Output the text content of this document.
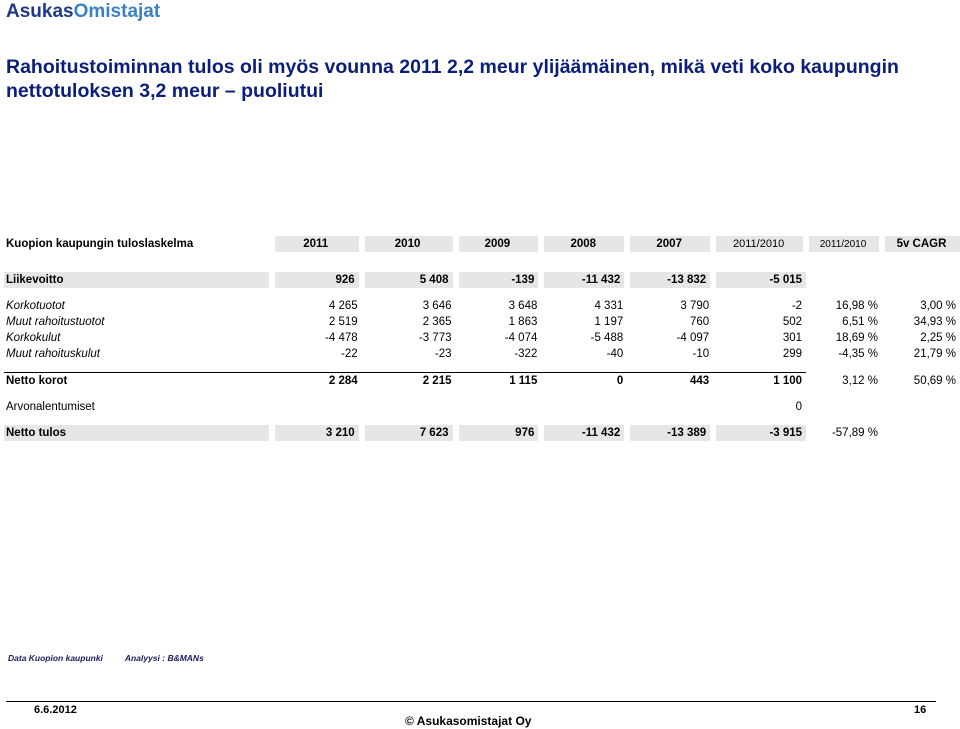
AsukasOmistajat
Rahoitustoiminnan tulos oli myös vounna 2011 2,2 meur ylijäämäinen, mikä veti koko kaupungin nettotuloksen 3,2 meur – puoliutui
Kuopion kaupungin tuloslaskelma	2011	2010	2009	2008	2007	2011/2010	2011/2010	5v CAGR

Liikevoitto	926	5 408	-139	-11 432	-13 832	-5 015		

Korkotuotot	4 265	3 646	3 648	4 331	3 790	-2	16,98 %	3,00 %
Muut rahoitustuotot	2 519	2 365	1 863	1 197	760	502	6,51 %	34,93 %
Korkokulut	-4 478	-3 773	-4 074	-5 488	-4 097	301	18,69 %	2,25 %
Muut rahoituskulut	-22	-23	-322	-40	-10	299	-4,35 %	21,79 %

Netto korot	2 284	2 215	1 115	0	443	1 100	3,12 %	50,69 %

Arvonalentumiset						0		

Netto tulos	3 210	7 623	976	-11 432	-13 389	-3 915	-57,89 %	
Data Kuopion kaupunki	Analyysi : B&MANs
6.6.2012
© Asukasomistajat Oy
16
